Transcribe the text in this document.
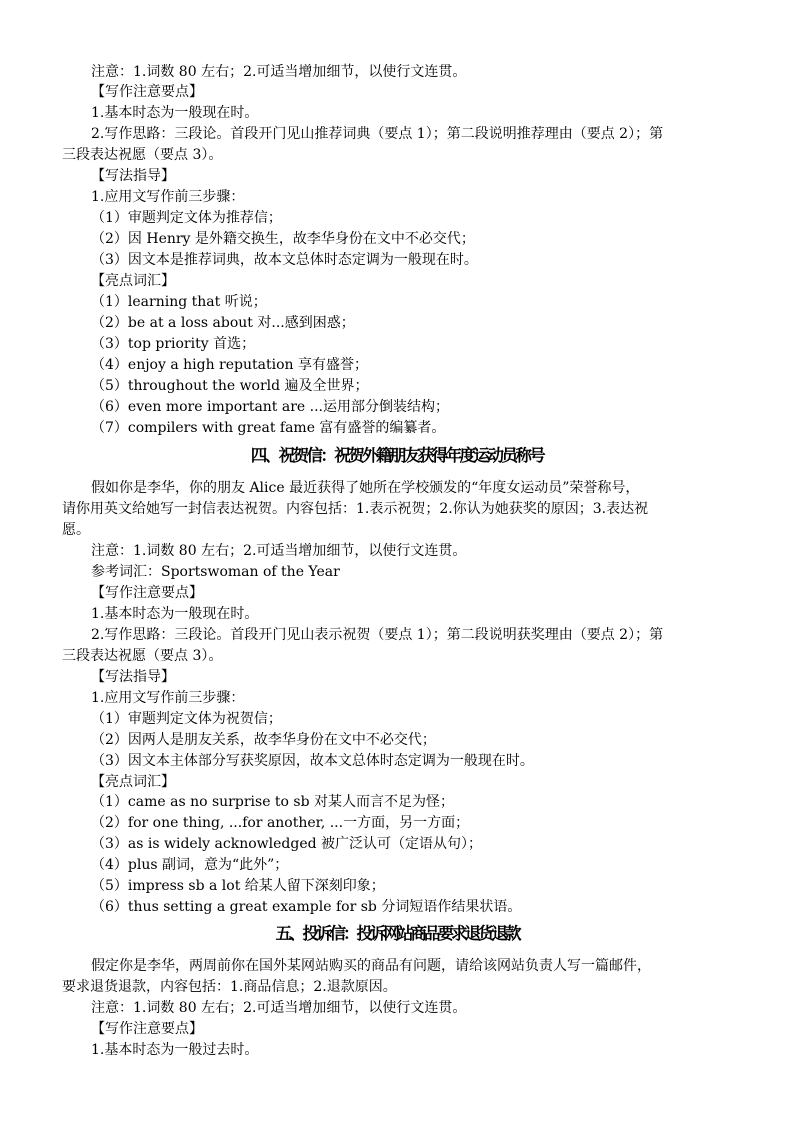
注意：1.词数 80 左右；2.可适当增加细节，以使行文连贯。
【写作注意要点】
1.基本时态为一般现在时。
2.写作思路：三段论。首段开门见山推荐词典（要点 1）；第二段说明推荐理由（要点 2）；第
三段表达祝愿（要点 3）。
【写法指导】
1.应用文写作前三步骤：
（1）审题判定文体为推荐信；
（2）因 Henry 是外籍交换生，故李华身份在文中不必交代；
（3）因文本是推荐词典，故本文总体时态定调为一般现在时。
【亮点词汇】
（1）learning that 听说；
（2）be at a loss about 对...感到困惑；
（3）top priority 首选；
（4）enjoy a high reputation 享有盛誉；
（5）throughout the world 遍及全世界；
（6）even more important are ...运用部分倒装结构；
（7）compilers with great fame 富有盛誉的编纂者。
四、祝贺信：祝贺外籍朋友获得年度运动员称号
假如你是李华，你的朋友 Alice 最近获得了她所在学校颁发的“年度女运动员”荣誉称号，
请你用英文给她写一封信表达祝贺。内容包括：1.表示祝贺；2.你认为她获奖的原因；3.表达祝
愿。
注意：1.词数 80 左右；2.可适当增加细节，以使行文连贯。
参考词汇：Sportswoman of the Year
【写作注意要点】
1.基本时态为一般现在时。
2.写作思路：三段论。首段开门见山表示祝贺（要点 1）；第二段说明获奖理由（要点 2）；第
三段表达祝愿（要点 3）。
【写法指导】
1.应用文写作前三步骤：
（1）审题判定文体为祝贺信；
（2）因两人是朋友关系，故李华身份在文中不必交代；
（3）因文本主体部分写获奖原因，故本文总体时态定调为一般现在时。
【亮点词汇】
（1）came as no surprise to sb 对某人而言不足为怪；
（2）for one thing, ...for another, ...一方面，另一方面；
（3）as is widely acknowledged 被广泛认可（定语从句）；
（4）plus 副词，意为“此外”；
（5）impress sb a lot 给某人留下深刻印象；
（6）thus setting a great example for sb 分词短语作结果状语。
五、投诉信：投诉网站商品要求退货退款
假定你是李华，两周前你在国外某网站购买的商品有问题，请给该网站负责人写一篇邮件，
要求退货退款，内容包括：1.商品信息；2.退款原因。
注意：1.词数 80 左右；2.可适当增加细节，以使行文连贯。
【写作注意要点】
1.基本时态为一般过去时。
